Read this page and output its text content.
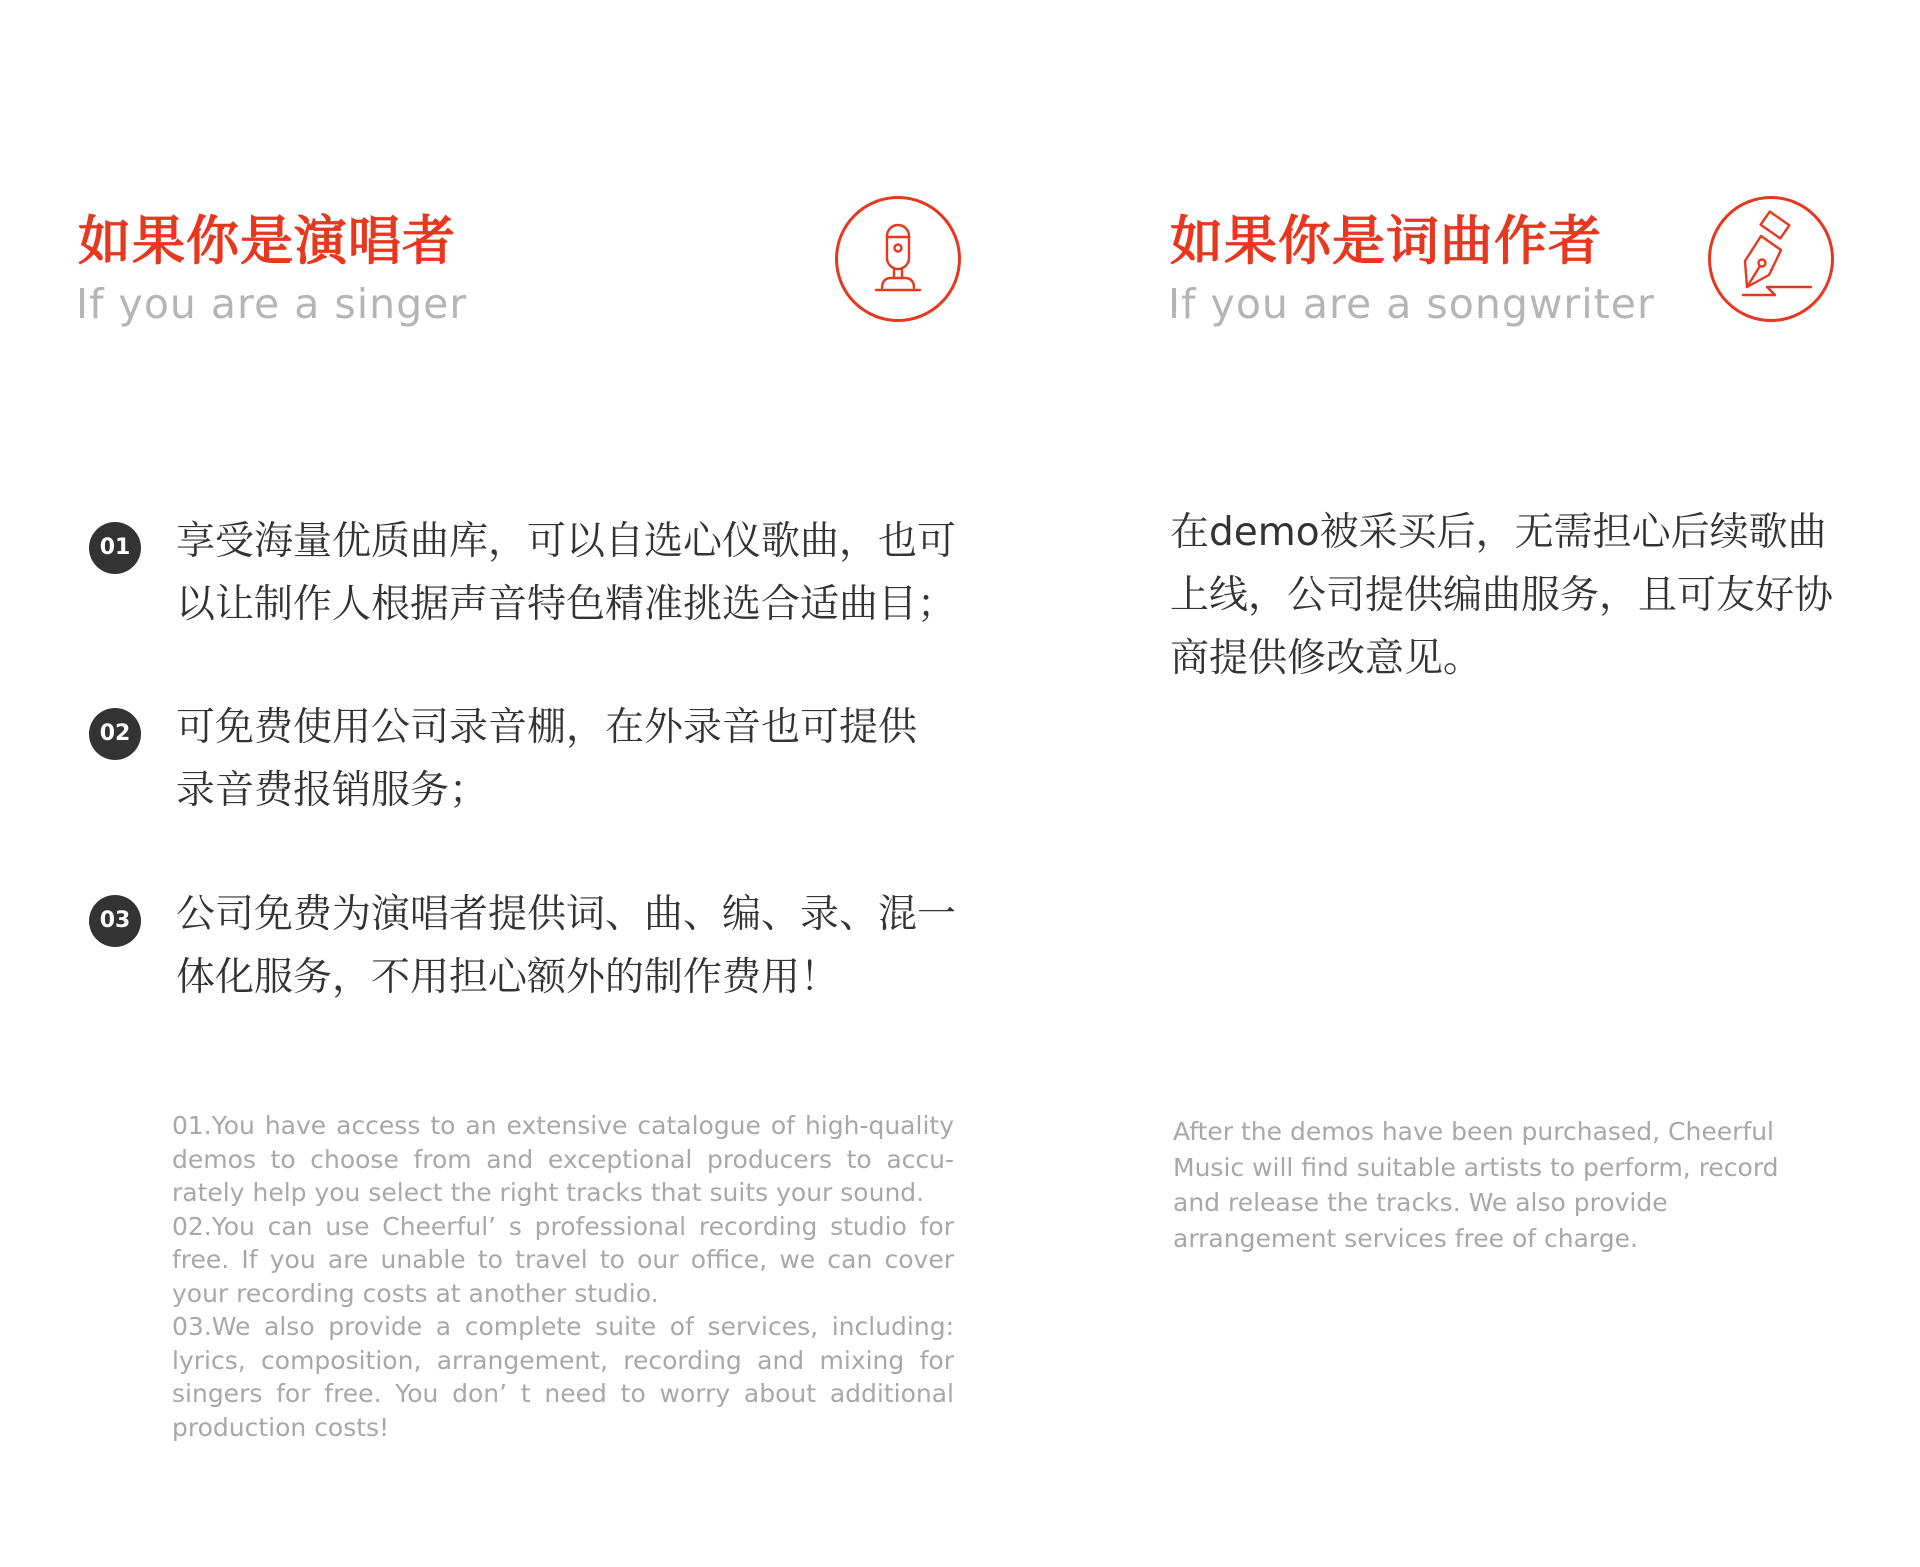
如果你是演唱者
If you are a singer
01 享受海量优质曲库，可以自选心仪歌曲，也可以让制作人根据声音特色精准挑选合适曲目；
02 可免费使用公司录音棚，在外录音也可提供录音费报销服务；
03 公司免费为演唱者提供词、曲、编、录、混一体化服务，不用担心额外的制作费用！

01.You have access to an extensive catalogue of high-quality demos to choose from and exceptional producers to accu-rately help you select the right tracks that suits your sound.

02.You can use Cheerful’ s professional recording studio for free. If you are unable to travel to our office, we can cover your recording costs at another studio.

03.We also provide a complete suite of services, including: lyrics, composition, arrangement, recording and mixing for singers for free. You don’ t need to worry about additional production costs!

如果你是词曲作者
If you are a songwriter
在demo被采买后，无需担心后续歌曲上线，公司提供编曲服务，且可友好协商提供修改意见。

After the demos have been purchased, Cheerful Music will find suitable artists to perform, record and release the tracks. We also provide arrangement services free of charge.
